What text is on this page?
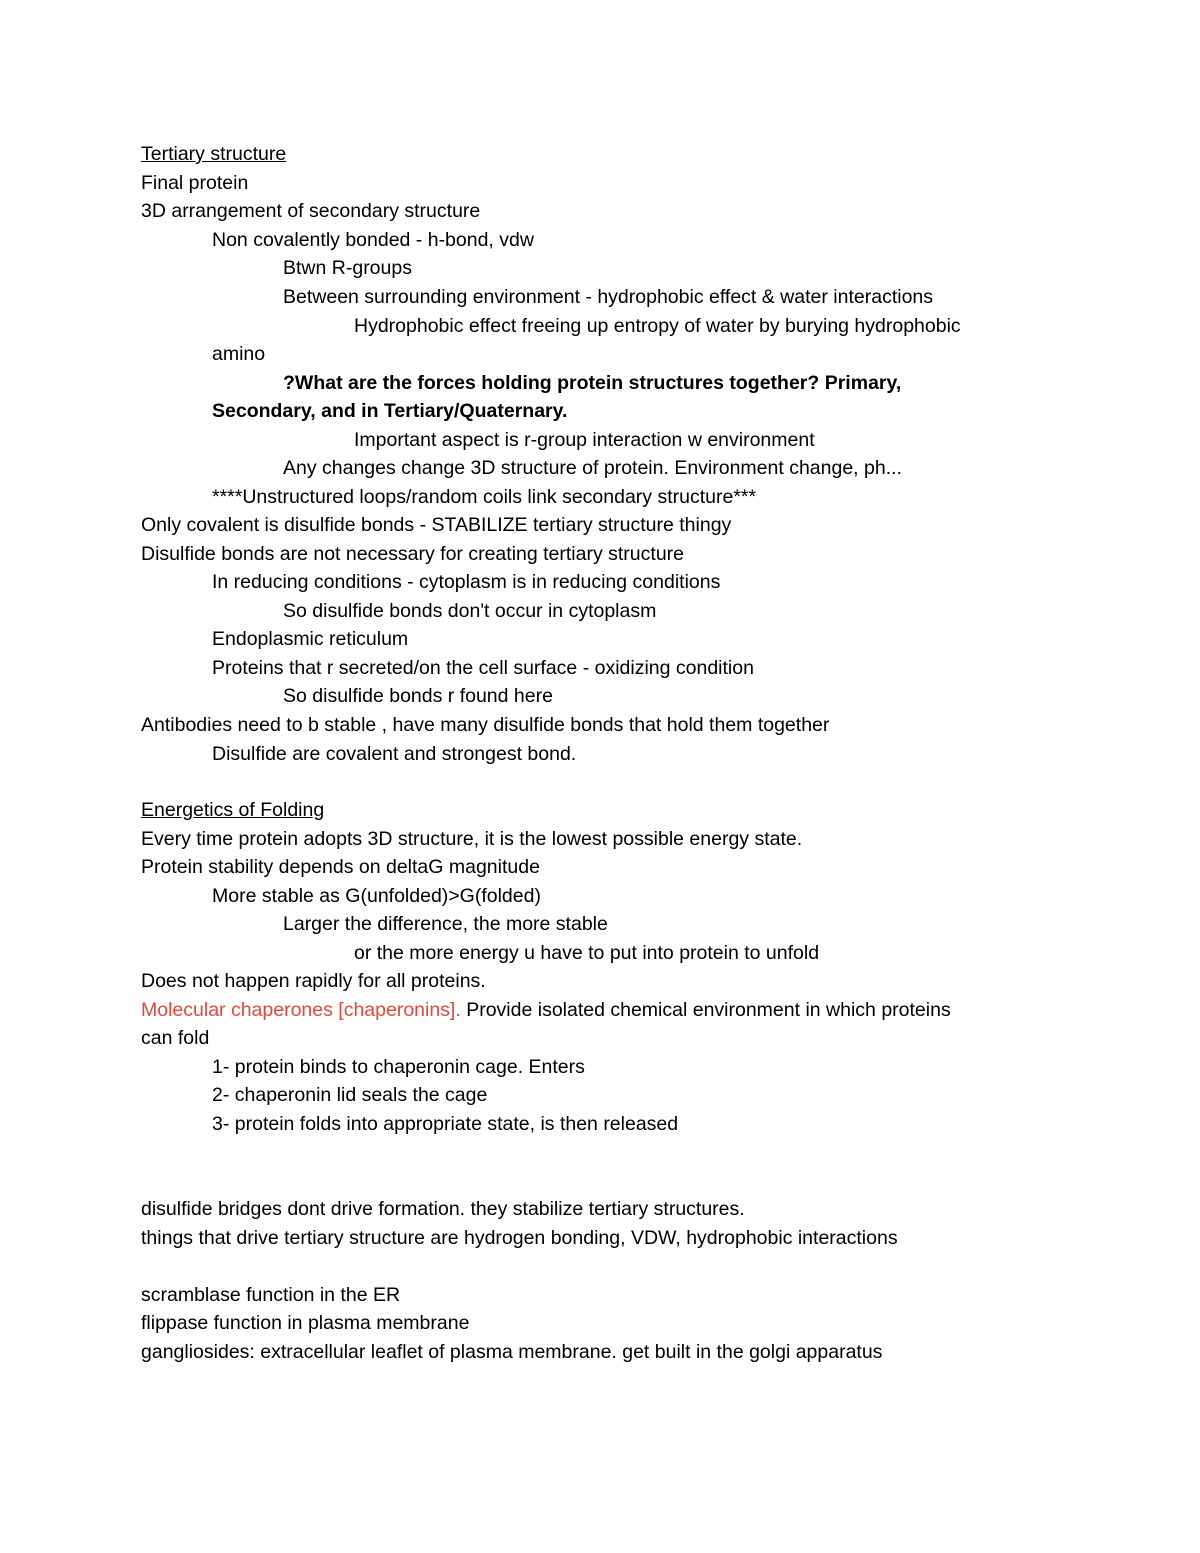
Tertiary structure
Final protein
3D arrangement of secondary structure
Non covalently bonded - h-bond, vdw
Btwn R-groups
Between surrounding environment - hydrophobic effect & water interactions
Hydrophobic effect freeing up entropy of water by burying hydrophobic
amino
?What are the forces holding protein structures together? Primary,
Secondary, and in Tertiary/Quaternary.
Important aspect is r-group interaction w environment
Any changes change 3D structure of protein. Environment change, ph...
****Unstructured loops/random coils link secondary structure***
Only covalent is disulfide bonds - STABILIZE tertiary structure thingy
Disulfide bonds are not necessary for creating tertiary structure
In reducing conditions - cytoplasm is in reducing conditions
So disulfide bonds don't occur in cytoplasm
Endoplasmic reticulum
Proteins that r secreted/on the cell surface - oxidizing condition
So disulfide bonds r found here
Antibodies need to b stable , have many disulfide bonds that hold them together
Disulfide are covalent and strongest bond.
Energetics of Folding
Every time protein adopts 3D structure, it is the lowest possible energy state.
Protein stability depends on deltaG magnitude
More stable as G(unfolded)>G(folded)
Larger the difference, the more stable
or the more energy u have to put into protein to unfold
Does not happen rapidly for all proteins.
Molecular chaperones [chaperonins]. Provide isolated chemical environment in which proteins
can fold
1- protein binds to chaperonin cage. Enters
2- chaperonin lid seals the cage
3- protein folds into appropriate state, is then released
disulfide bridges dont drive formation. they stabilize tertiary structures.
things that drive tertiary structure are hydrogen bonding, VDW, hydrophobic interactions
scramblase function in the ER
flippase function in plasma membrane
gangliosides: extracellular leaflet of plasma membrane. get built in the golgi apparatus
